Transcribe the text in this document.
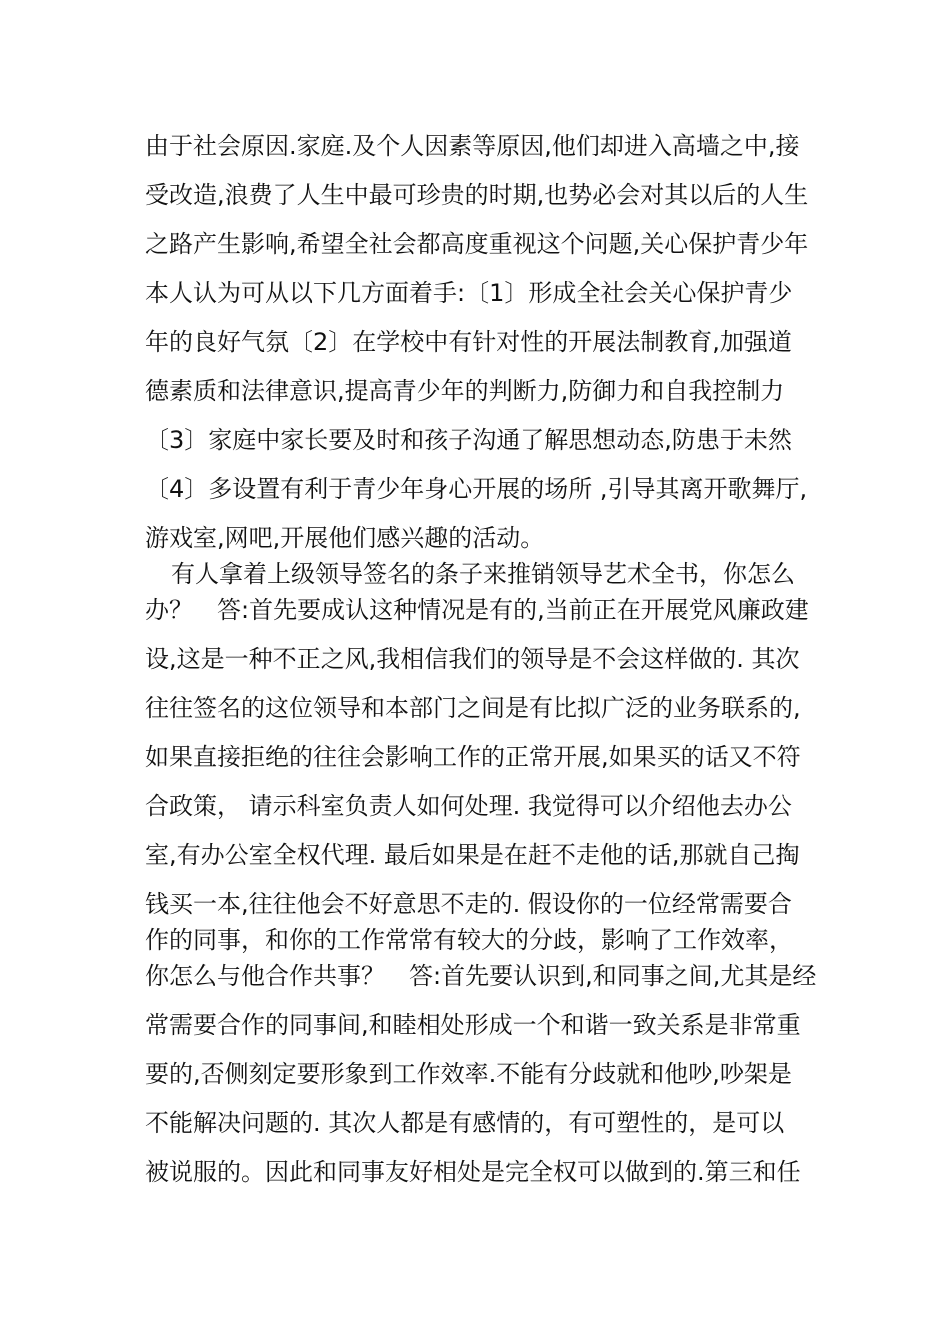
由于社会原因.家庭.及个人因素等原因,他们却进入高墙之中,接
受改造,浪费了人生中最可珍贵的时期,也势必会对其以后的人生
之路产生影响,希望全社会都高度重视这个问题,关心保护青少年
本人认为可从以下几方面着手:〔1〕形成全社会关心保护青少
年的良好气氛〔2〕在学校中有针对性的开展法制教育,加强道
德素质和法律意识,提高青少年的判断力,防御力和自我控制力
〔3〕家庭中家长要及时和孩子沟通了解思想动态,防患于未然
〔4〕多设置有利于青少年身心开展的场所 ,引导其离开歌舞厅,
游戏室,网吧,开展他们感兴趣的活动。
有人拿着上级领导签名的条子来推销领导艺术全书，你怎么
办？　答:首先要成认这种情况是有的,当前正在开展党风廉政建
设,这是一种不正之风,我相信我们的领导是不会这样做的. 其次
往往签名的这位领导和本部门之间是有比拟广泛的业务联系的,
如果直接拒绝的往往会影响工作的正常开展,如果买的话又不符
合政策， 请示科室负责人如何处理. 我觉得可以介绍他去办公
室,有办公室全权代理. 最后如果是在赶不走他的话,那就自己掏
钱买一本,往往他会不好意思不走的. 假设你的一位经常需要合
作的同事，和你的工作常常有较大的分歧，影响了工作效率，
你怎么与他合作共事？　答:首先要认识到,和同事之间,尤其是经
常需要合作的同事间,和睦相处形成一个和谐一致关系是非常重
要的,否侧刻定要形象到工作效率.不能有分歧就和他吵,吵架是
不能解决问题的. 其次人都是有感情的，有可塑性的，是可以
被说服的。因此和同事友好相处是完全权可以做到的.第三和任
